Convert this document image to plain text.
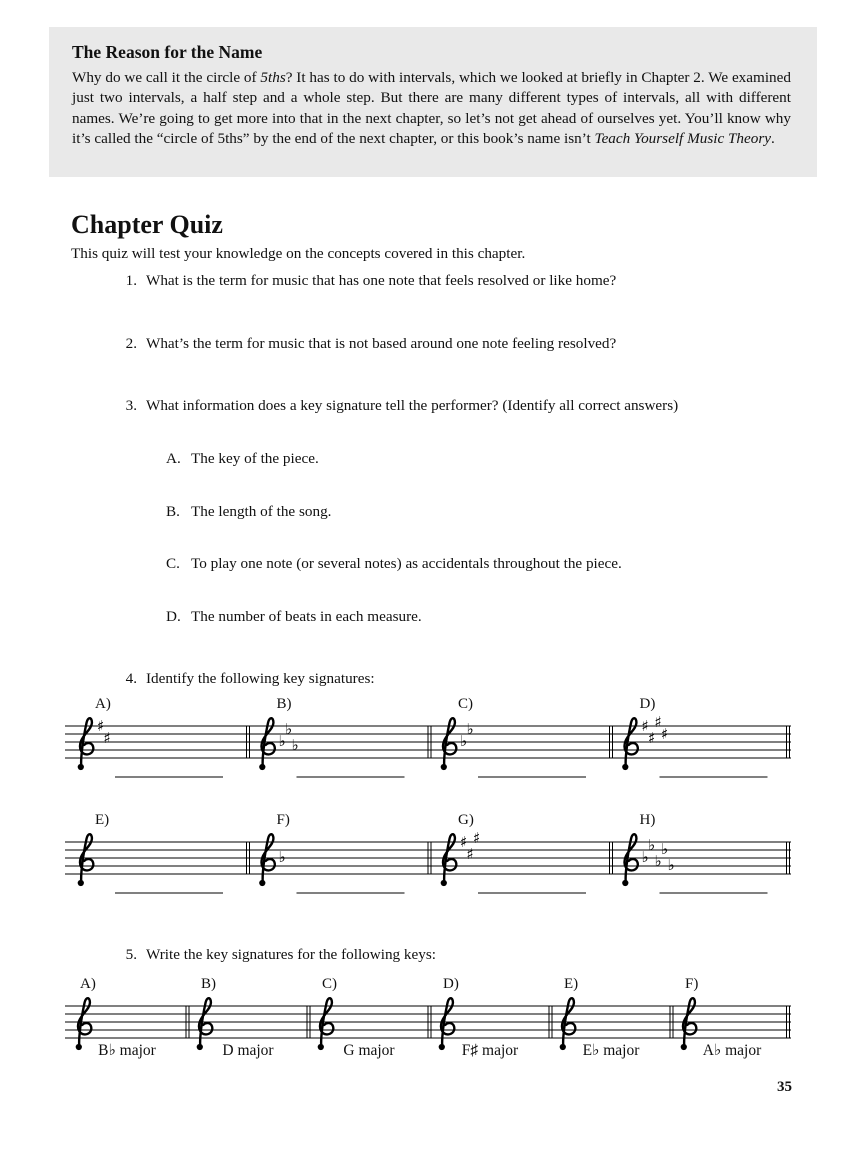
The Reason for the Name

Why do we call it the circle of 5ths? It has to do with intervals, which we looked at briefly in Chapter 2. We examined just two intervals, a half step and a whole step. But there are many different types of intervals, all with different names. We’re going to get more into that in the next chapter, so let’s not get ahead of ourselves yet. You’ll know why it’s called the “circle of 5ths” by the end of the next chapter, or this book’s name isn’t Teach Yourself Music Theory.

Chapter Quiz
This quiz will test your knowledge on the concepts covered in this chapter.
1. What is the term for music that has one note that feels resolved or like home?
2. What’s the term for music that is not based around one note feeling resolved?
3. What information does a key signature tell the performer? (Identify all correct answers)
A. The key of the piece.
B. The length of the song.
C. To play one note (or several notes) as accidentals throughout the piece.
D. The number of beats in each measure.
4. Identify the following key signatures:
A)
♯
♯
B)
♭
♭
♭
C)
♭
♭
D)
♯
♯
♯
♯
E)	F)
♭
G)
♯
♯
♯
H)
♭
♭
♭
♭
♭
5. Write the key signatures for the following keys:
A)
B♭ major
B)
D major
C)
G major
D)
F♯ major
E)
E♭ major
F)
A♭ major
35
